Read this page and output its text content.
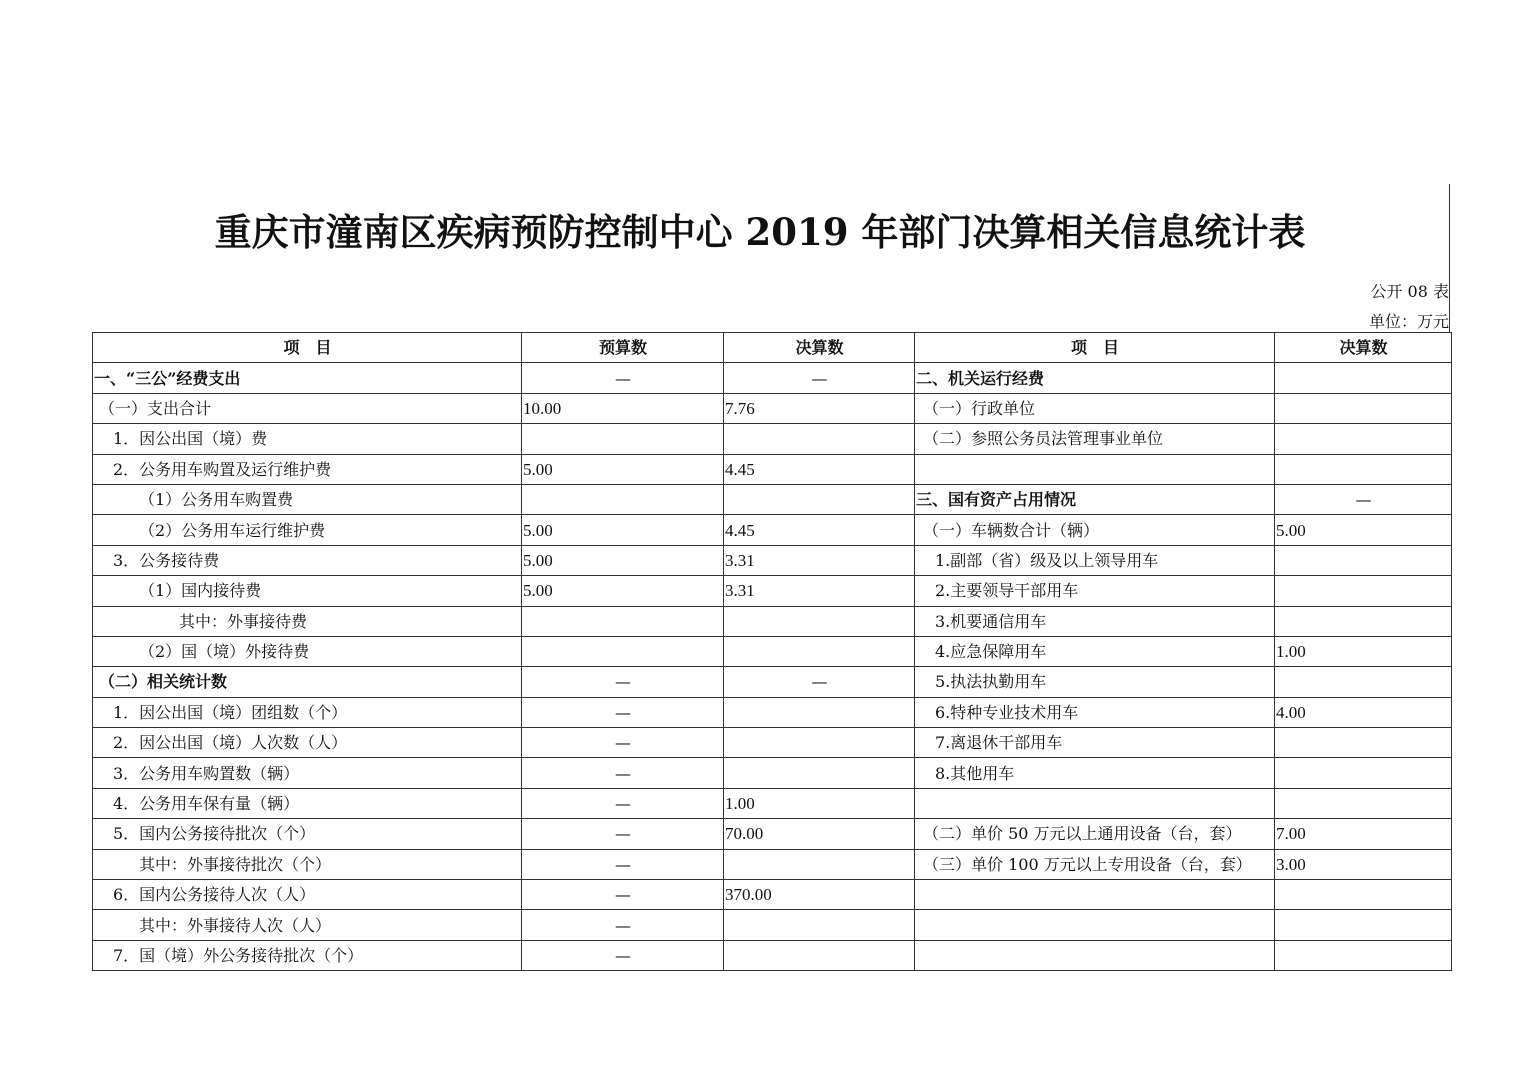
重庆市潼南区疾病预防控制中心 2019 年部门决算相关信息统计表
公开 08 表
单位：万元
项　目	预算数	决算数	项　目	决算数
一、“三公”经费支出	—	—	二、机关运行经费	
（一）支出合计	10.00	7.76	（一）行政单位	
1．因公出国（境）费			（二）参照公务员法管理事业单位	
2．公务用车购置及运行维护费	5.00	4.45		
（1）公务用车购置费			三、国有资产占用情况	—
（2）公务用车运行维护费	5.00	4.45	（一）车辆数合计（辆）	5.00
3．公务接待费	5.00	3.31	1.副部（省）级及以上领导用车	
（1）国内接待费	5.00	3.31	2.主要领导干部用车	
其中：外事接待费			3.机要通信用车	
（2）国（境）外接待费			4.应急保障用车	1.00
（二）相关统计数	—	—	5.执法执勤用车	
1．因公出国（境）团组数（个）	—		6.特种专业技术用车	4.00
2．因公出国（境）人次数（人）	—		7.离退休干部用车	
3．公务用车购置数（辆）	—		8.其他用车	
4．公务用车保有量（辆）	—	1.00		
5．国内公务接待批次（个）	—	70.00	（二）单价 50 万元以上通用设备（台，套）	7.00
其中：外事接待批次（个）	—		（三）单价 100 万元以上专用设备（台，套）	3.00
6．国内公务接待人次（人）	—	370.00		
其中：外事接待人次（人）	—			
7．国（境）外公务接待批次（个）	—			
